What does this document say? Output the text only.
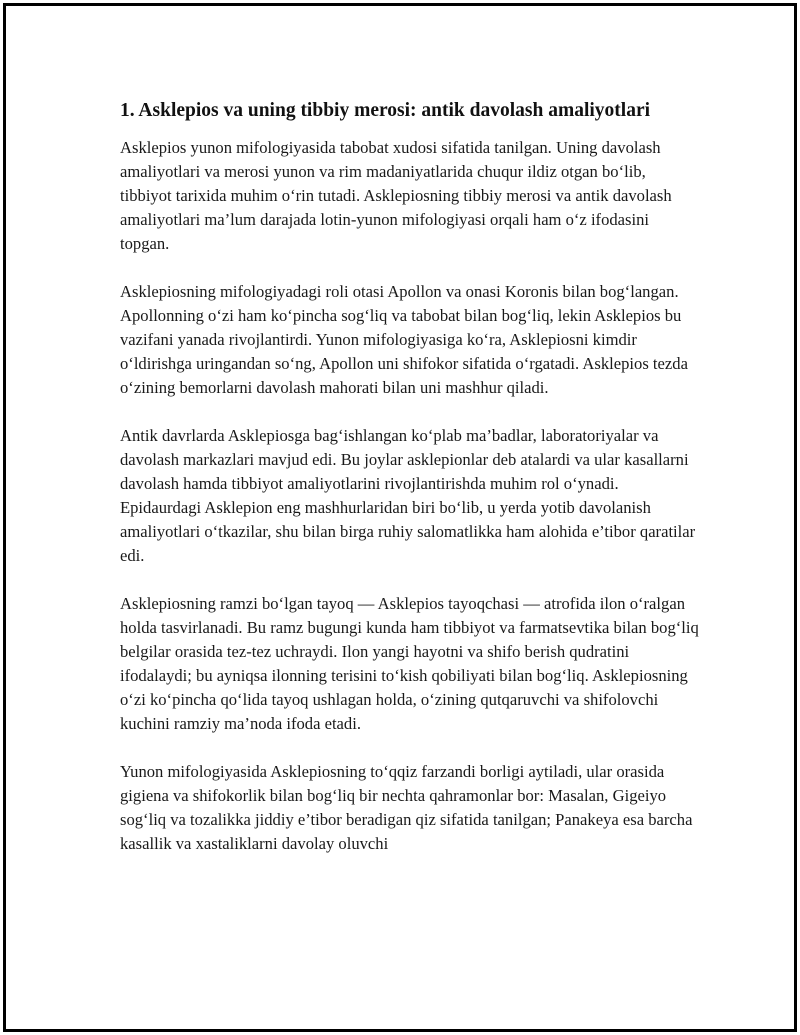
1. Asklepios va uning tibbiy merosi: antik davolash amaliyotlari

Asklepios yunon mifologiyasida tabobat xudosi sifatida tanilgan. Uning davolash amaliyotlari va merosi yunon va rim madaniyatlarida chuqur ildiz otgan bo‘lib, tibbiyot tarixida muhim o‘rin tutadi. Asklepiosning tibbiy merosi va antik davolash amaliyotlari ma’lum darajada lotin-yunon mifologiyasi orqali ham o‘z ifodasini topgan.

Asklepiosning mifologiyadagi roli otasi Apollon va onasi Koronis bilan bog‘langan. Apollonning o‘zi ham ko‘pincha sog‘liq va tabobat bilan bog‘liq, lekin Asklepios bu vazifani yanada rivojlantirdi. Yunon mifologiyasiga ko‘ra, Asklepiosni kimdir o‘ldirishga uringandan so‘ng, Apollon uni shifokor sifatida o‘rgatadi. Asklepios tezda o‘zining bemorlarni davolash mahorati bilan uni mashhur qiladi.

Antik davrlarda Asklepiosga bag‘ishlangan ko‘plab ma’badlar, laboratoriyalar va davolash markazlari mavjud edi. Bu joylar asklepionlar deb atalardi va ular kasallarni davolash hamda tibbiyot amaliyotlarini rivojlantirishda muhim rol o‘ynadi. Epidaurdagi Asklepion eng mashhurlaridan biri bo‘lib, u yerda yotib davolanish amaliyotlari o‘tkazilar, shu bilan birga ruhiy salomatlikka ham alohida e’tibor qaratilar edi.

Asklepiosning ramzi bo‘lgan tayoq — Asklepios tayoqchasi — atrofida ilon o‘ralgan holda tasvirlanadi. Bu ramz bugungi kunda ham tibbiyot va farmatsevtika bilan bog‘liq belgilar orasida tez-tez uchraydi. Ilon yangi hayotni va shifo berish qudratini ifodalaydi; bu ayniqsa ilonning terisini to‘kish qobiliyati bilan bog‘liq. Asklepiosning o‘zi ko‘pincha qo‘lida tayoq ushlagan holda, o‘zining qutqaruvchi va shifolovchi kuchini ramziy ma’noda ifoda etadi.

Yunon mifologiyasida Asklepiosning to‘qqiz farzandi borligi aytiladi, ular orasida gigiena va shifokorlik bilan bog‘liq bir nechta qahramonlar bor: Masalan, Gigeiyo sog‘liq va tozalikka jiddiy e’tibor beradigan qiz sifatida tanilgan; Panakeya esa barcha kasallik va xastaliklarni davolay oluvchi
